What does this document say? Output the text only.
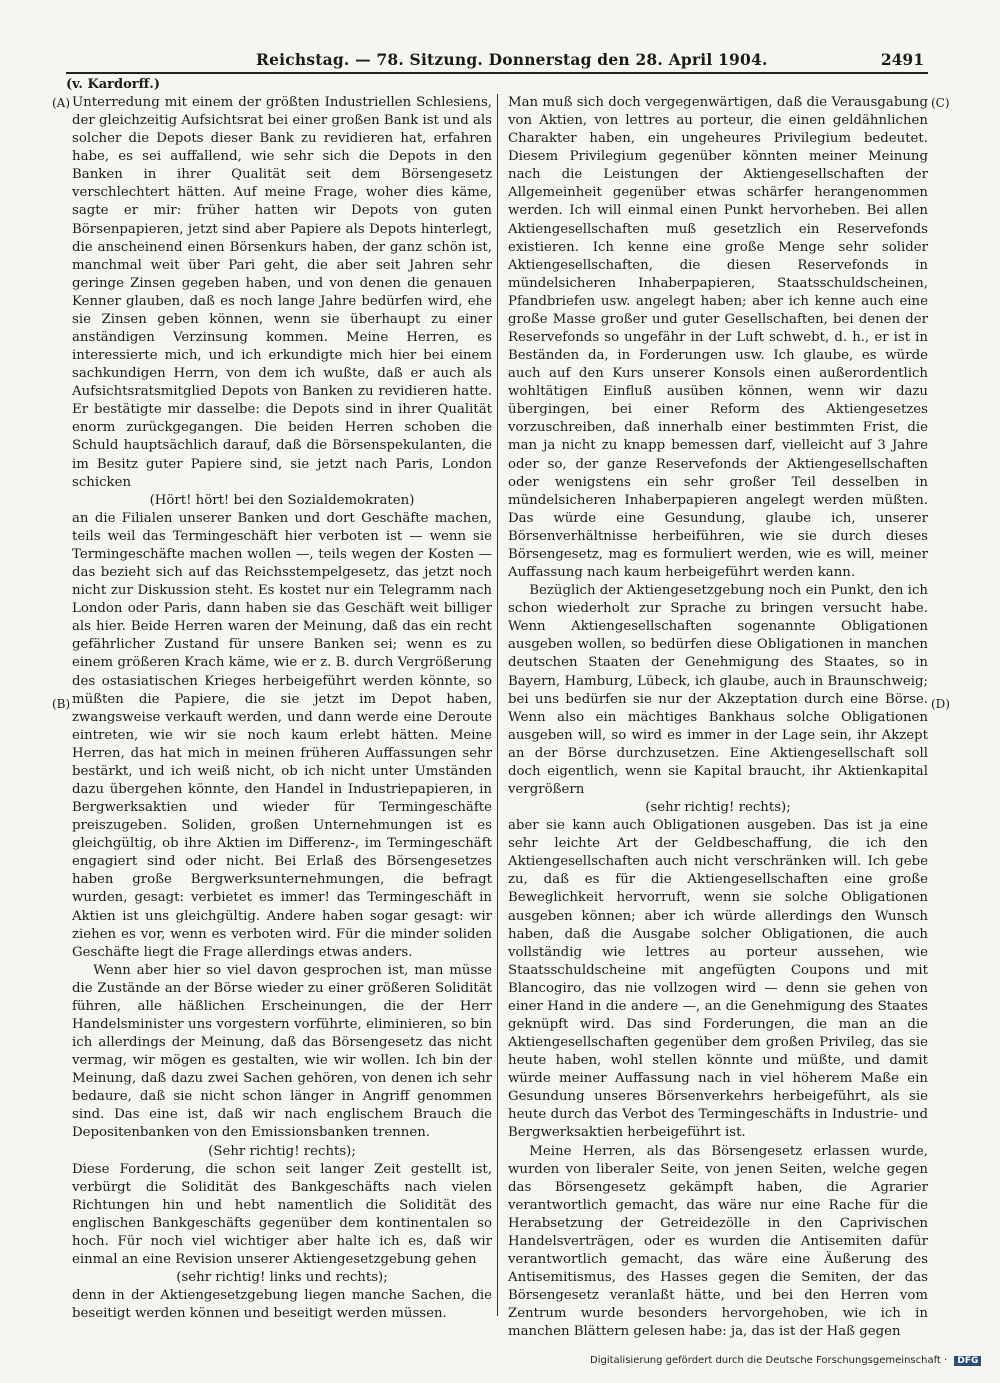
Reichstag. — 78. Sitzung. Donnerstag den 28. April 1904.	2491
(v. Kardorff.)
(A)
(B)
(C)
(D)

Unterredung mit einem der größten Industriellen Schlesiens, der gleichzeitig Aufsichtsrat bei einer großen Bank ist und als solcher die Depots dieser Bank zu revidieren hat, erfahren habe, es sei auffallend, wie sehr sich die Depots in den Banken in ihrer Qualität seit dem Börsengesetz verschlechtert hätten. Auf meine Frage, woher dies käme, sagte er mir: früher hatten wir Depots von guten Börsenpapieren, jetzt sind aber Papiere als Depots hinterlegt, die anscheinend einen Börsenkurs haben, der ganz schön ist, manchmal weit über Pari geht, die aber seit Jahren sehr geringe Zinsen gegeben haben, und von denen die genauen Kenner glauben, daß es noch lange Jahre bedürfen wird, ehe sie Zinsen geben können, wenn sie überhaupt zu einer anständigen Verzinsung kommen. Meine Herren, es interessierte mich, und ich erkundigte mich hier bei einem sachkundigen Herrn, von dem ich wußte, daß er auch als Aufsichtsratsmitglied Depots von Banken zu revidieren hatte. Er bestätigte mir dasselbe: die Depots sind in ihrer Qualität enorm zurückgegangen. Die beiden Herren schoben die Schuld hauptsächlich darauf, daß die Börsenspekulanten, die im Besitz guter Papiere sind, sie jetzt nach Paris, London schicken

(Hört! hört! bei den Sozialdemokraten)

an die Filialen unserer Banken und dort Geschäfte machen, teils weil das Termingeschäft hier verboten ist — wenn sie Termingeschäfte machen wollen —, teils wegen der Kosten — das bezieht sich auf das Reichsstempelgesetz, das jetzt noch nicht zur Diskussion steht. Es kostet nur ein Telegramm nach London oder Paris, dann haben sie das Geschäft weit billiger als hier. Beide Herren waren der Meinung, daß das ein recht gefährlicher Zustand für unsere Banken sei; wenn es zu einem größeren Krach käme, wie er z. B. durch Vergrößerung des ostasiatischen Krieges herbeigeführt werden könnte, so müßten die Papiere, die sie jetzt im Depot haben, zwangsweise verkauft werden, und dann werde eine Deroute eintreten, wie wir sie noch kaum erlebt hätten. Meine Herren, das hat mich in meinen früheren Auffassungen sehr bestärkt, und ich weiß nicht, ob ich nicht unter Umständen dazu übergehen könnte, den Handel in Industriepapieren, in Bergwerksaktien und wieder für Termingeschäfte preiszugeben. Soliden, großen Unternehmungen ist es gleichgültig, ob ihre Aktien im Differenz-, im Termingeschäft engagiert sind oder nicht. Bei Erlaß des Börsengesetzes haben große Bergwerksunternehmungen, die befragt wurden, gesagt: verbietet es immer! das Termingeschäft in Aktien ist uns gleichgültig. Andere haben sogar gesagt: wir ziehen es vor, wenn es verboten wird. Für die minder soliden Geschäfte liegt die Frage allerdings etwas anders.

Wenn aber hier so viel davon gesprochen ist, man müsse die Zustände an der Börse wieder zu einer größeren Solidität führen, alle häßlichen Erscheinungen, die der Herr Handelsminister uns vorgestern vorführte, eliminieren, so bin ich allerdings der Meinung, daß das Börsengesetz das nicht vermag, wir mögen es gestalten, wie wir wollen. Ich bin der Meinung, daß dazu zwei Sachen gehören, von denen ich sehr bedaure, daß sie nicht schon länger in Angriff genommen sind. Das eine ist, daß wir nach englischem Brauch die Depositenbanken von den Emissionsbanken trennen.

(Sehr richtig! rechts);

Diese Forderung, die schon seit langer Zeit gestellt ist, verbürgt die Solidität des Bankgeschäfts nach vielen Richtungen hin und hebt namentlich die Solidität des englischen Bankgeschäfts gegenüber dem kontinentalen so hoch. Für noch viel wichtiger aber halte ich es, daß wir einmal an eine Revision unserer Aktiengesetzgebung gehen

(sehr richtig! links und rechts);

denn in der Aktiengesetzgebung liegen manche Sachen, die beseitigt werden können und beseitigt werden müssen.

Man muß sich doch vergegenwärtigen, daß die Verausgabung von Aktien, von lettres au porteur, die einen geldähnlichen Charakter haben, ein ungeheures Privilegium bedeutet. Diesem Privilegium gegenüber könnten meiner Meinung nach die Leistungen der Aktiengesellschaften der Allgemeinheit gegenüber etwas schärfer herangenommen werden. Ich will einmal einen Punkt hervorheben. Bei allen Aktiengesellschaften muß gesetzlich ein Reservefonds existieren. Ich kenne eine große Menge sehr solider Aktiengesellschaften, die diesen Reservefonds in mündelsicheren Inhaberpapieren, Staatsschuldscheinen, Pfandbriefen usw. angelegt haben; aber ich kenne auch eine große Masse großer und guter Gesellschaften, bei denen der Reservefonds so ungefähr in der Luft schwebt, d. h., er ist in Beständen da, in Forderungen usw. Ich glaube, es würde auch auf den Kurs unserer Konsols einen außerordentlich wohltätigen Einfluß ausüben können, wenn wir dazu übergingen, bei einer Reform des Aktiengesetzes vorzuschreiben, daß innerhalb einer bestimmten Frist, die man ja nicht zu knapp bemessen darf, vielleicht auf 3 Jahre oder so, der ganze Reservefonds der Aktiengesellschaften oder wenigstens ein sehr großer Teil desselben in mündelsicheren Inhaberpapieren angelegt werden müßten. Das würde eine Gesundung, glaube ich, unserer Börsenverhältnisse herbeiführen, wie sie durch dieses Börsengesetz, mag es formuliert werden, wie es will, meiner Auffassung nach kaum herbeigeführt werden kann.

Bezüglich der Aktiengesetzgebung noch ein Punkt, den ich schon wiederholt zur Sprache zu bringen versucht habe. Wenn Aktiengesellschaften sogenannte Obligationen ausgeben wollen, so bedürfen diese Obligationen in manchen deutschen Staaten der Genehmigung des Staates, so in Bayern, Hamburg, Lübeck, ich glaube, auch in Braunschweig; bei uns bedürfen sie nur der Akzeptation durch eine Börse. Wenn also ein mächtiges Bankhaus solche Obligationen ausgeben will, so wird es immer in der Lage sein, ihr Akzept an der Börse durchzusetzen. Eine Aktiengesellschaft soll doch eigentlich, wenn sie Kapital braucht, ihr Aktienkapital vergrößern

(sehr richtig! rechts);

aber sie kann auch Obligationen ausgeben. Das ist ja eine sehr leichte Art der Geldbeschaffung, die ich den Aktiengesellschaften auch nicht verschränken will. Ich gebe zu, daß es für die Aktiengesellschaften eine große Beweglichkeit hervorruft, wenn sie solche Obligationen ausgeben können; aber ich würde allerdings den Wunsch haben, daß die Ausgabe solcher Obligationen, die auch vollständig wie lettres au porteur aussehen, wie Staatsschuldscheine mit angefügten Coupons und mit Blancogiro, das nie vollzogen wird — denn sie gehen von einer Hand in die andere —, an die Genehmigung des Staates geknüpft wird. Das sind Forderungen, die man an die Aktiengesellschaften gegenüber dem großen Privileg, das sie heute haben, wohl stellen könnte und müßte, und damit würde meiner Auffassung nach in viel höherem Maße ein Gesundung unseres Börsenverkehrs herbeigeführt, als sie heute durch das Verbot des Termingeschäfts in Industrie- und Bergwerksaktien herbeigeführt ist.

Meine Herren, als das Börsengesetz erlassen wurde, wurden von liberaler Seite, von jenen Seiten, welche gegen das Börsengesetz gekämpft haben, die Agrarier verantwortlich gemacht, das wäre nur eine Rache für die Herabsetzung der Getreidezölle in den Caprivischen Handelsverträgen, oder es wurden die Antisemiten dafür verantwortlich gemacht, das wäre eine Äußerung des Antisemitismus, des Hasses gegen die Semiten, der das Börsengesetz veranlaßt hätte, und bei den Herren vom Zentrum wurde besonders hervorgehoben, wie ich in manchen Blättern gelesen habe: ja, das ist der Haß gegen

Digitalisierung gefördert durch die Deutsche Forschungsgemeinschaft · DFG
